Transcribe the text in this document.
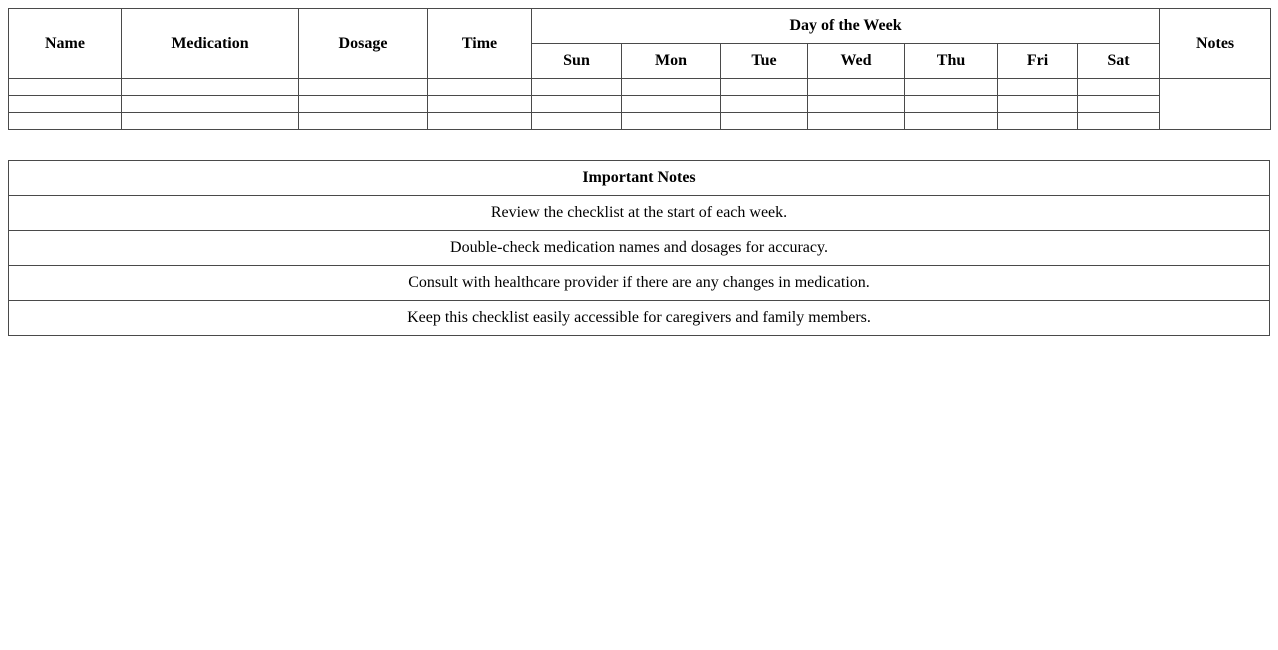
Name	Medication	Dosage	Time	Day of the Week							Notes
				Sun	Mon	Tue	Wed	Thu	Fri	Sat	

Important Notes
Review the checklist at the start of each week.
Double-check medication names and dosages for accuracy.
Consult with healthcare provider if there are any changes in medication.
Keep this checklist easily accessible for caregivers and family members.
